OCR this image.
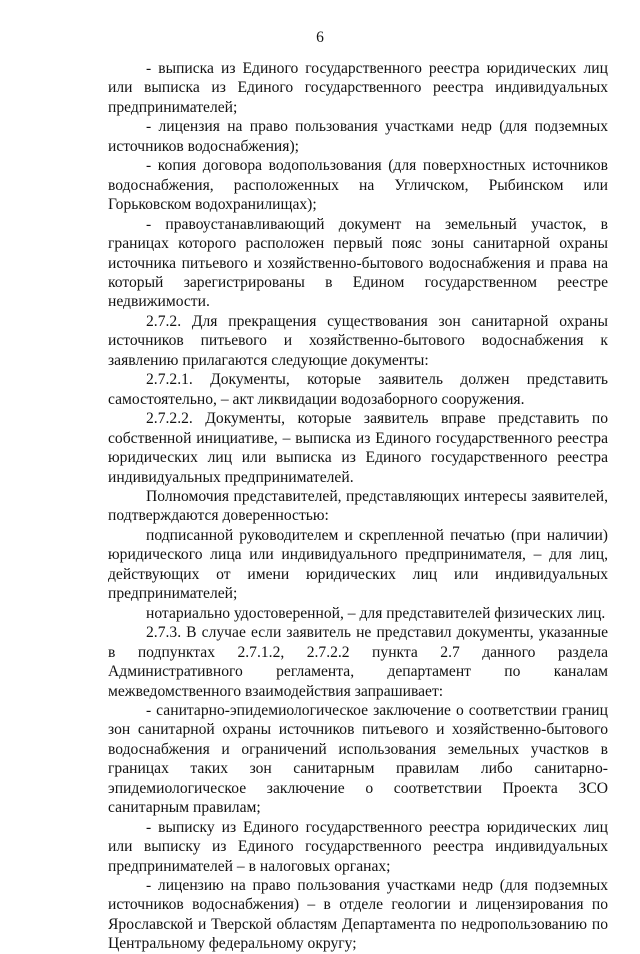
6

- выписка из Единого государственного реестра юридических лиц или выписка из Единого государственного реестра индивидуальных предпринимателей;

- лицензия на право пользования участками недр (для подземных источников водоснабжения);

- копия договора водопользования (для поверхностных источников водоснабжения, расположенных на Угличском, Рыбинском или Горьковском водохранилищах);

- правоустанавливающий документ на земельный участок, в границах которого расположен первый пояс зоны санитарной охраны источника питьевого и хозяйственно-бытового водоснабжения и права на который зарегистрированы в Едином государственном реестре недвижимости.

2.7.2. Для прекращения существования зон санитарной охраны источников питьевого и хозяйственно-бытового водоснабжения к заявлению прилагаются следующие документы:

2.7.2.1. Документы, которые заявитель должен представить самостоятельно, – акт ликвидации водозаборного сооружения.

2.7.2.2. Документы, которые заявитель вправе представить по собственной инициативе, – выписка из Единого государственного реестра юридических лиц или выписка из Единого государственного реестра индивидуальных предпринимателей.

Полномочия представителей, представляющих интересы заявителей, подтверждаются доверенностью:

подписанной руководителем и скрепленной печатью (при наличии) юридического лица или индивидуального предпринимателя, – для лиц, действующих от имени юридических лиц или индивидуальных предпринимателей;

нотариально удостоверенной, – для представителей физических лиц.

2.7.3. В случае если заявитель не представил документы, указанные в подпунктах 2.7.1.2, 2.7.2.2 пункта 2.7 данного раздела Административного регламента, департамент по каналам межведомственного взаимодействия запрашивает:

- санитарно-эпидемиологическое заключение о соответствии границ зон санитарной охраны источников питьевого и хозяйственно-бытового водоснабжения и ограничений использования земельных участков в границах таких зон санитарным правилам либо санитарно-эпидемиологическое заключение о соответствии Проекта ЗСО санитарным правилам;

- выписку из Единого государственного реестра юридических лиц или выписку из Единого государственного реестра индивидуальных предпринимателей – в налоговых органах;

- лицензию на право пользования участками недр (для подземных источников водоснабжения) – в отделе геологии и лицензирования по Ярославской и Тверской областям Департамента по недропользованию по Центральному федеральному округу;
